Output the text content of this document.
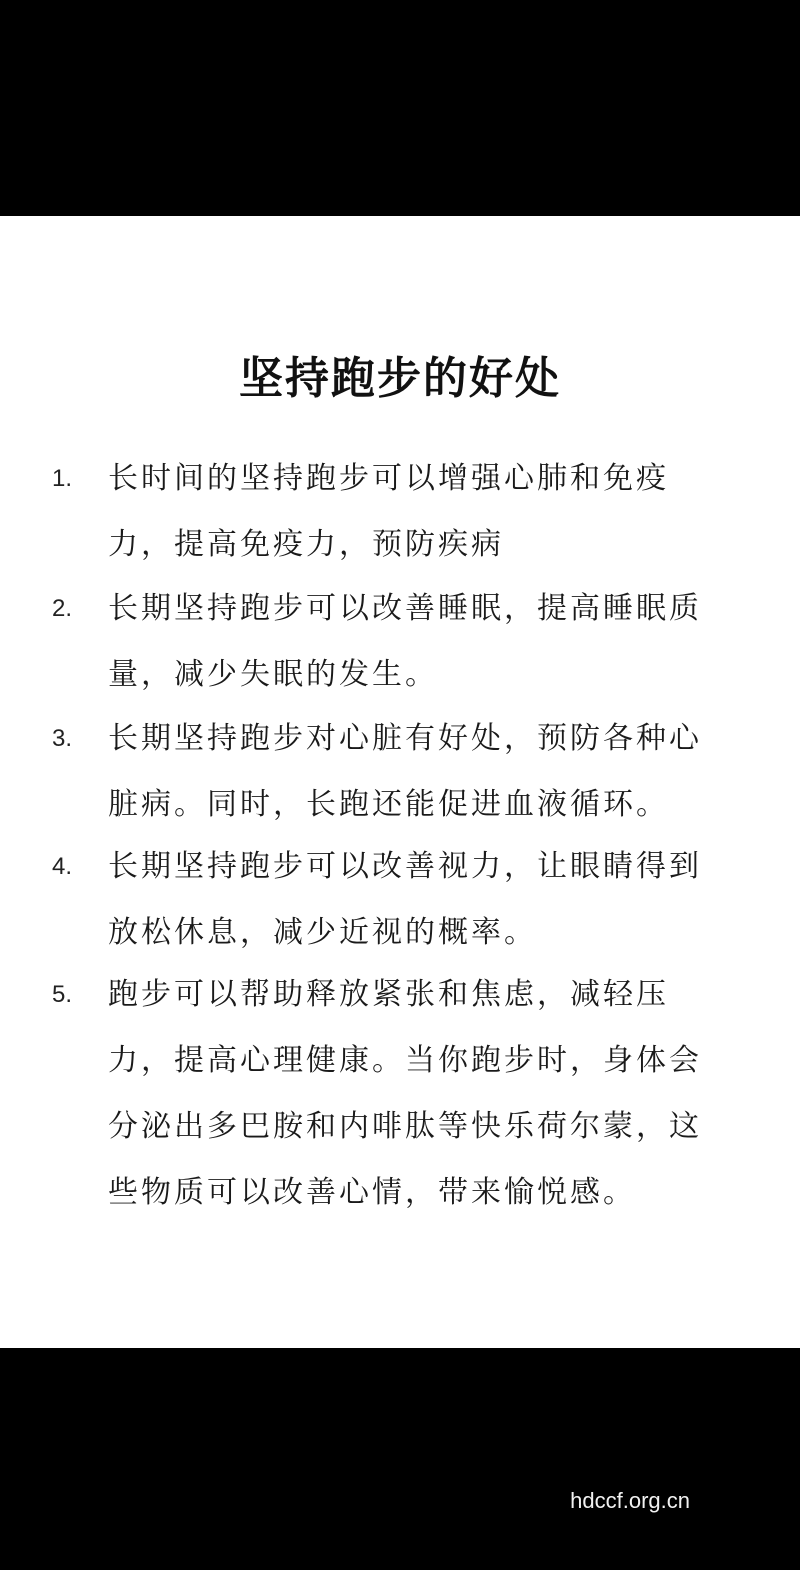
坚持跑步的好处
1.	长时间的坚持跑步可以增强心肺和免疫
力，提高免疫力，预防疾病
2.	长期坚持跑步可以改善睡眠，提高睡眠质
量，减少失眠的发生。
3.	长期坚持跑步对心脏有好处，预防各种心
脏病。同时，长跑还能促进血液循环。
4.	长期坚持跑步可以改善视力，让眼睛得到
放松休息，减少近视的概率。
5.	跑步可以帮助释放紧张和焦虑，减轻压
力，提高心理健康。当你跑步时，身体会
分泌出多巴胺和内啡肽等快乐荷尔蒙，这
些物质可以改善心情，带来愉悦感。
hdccf.org.cn
